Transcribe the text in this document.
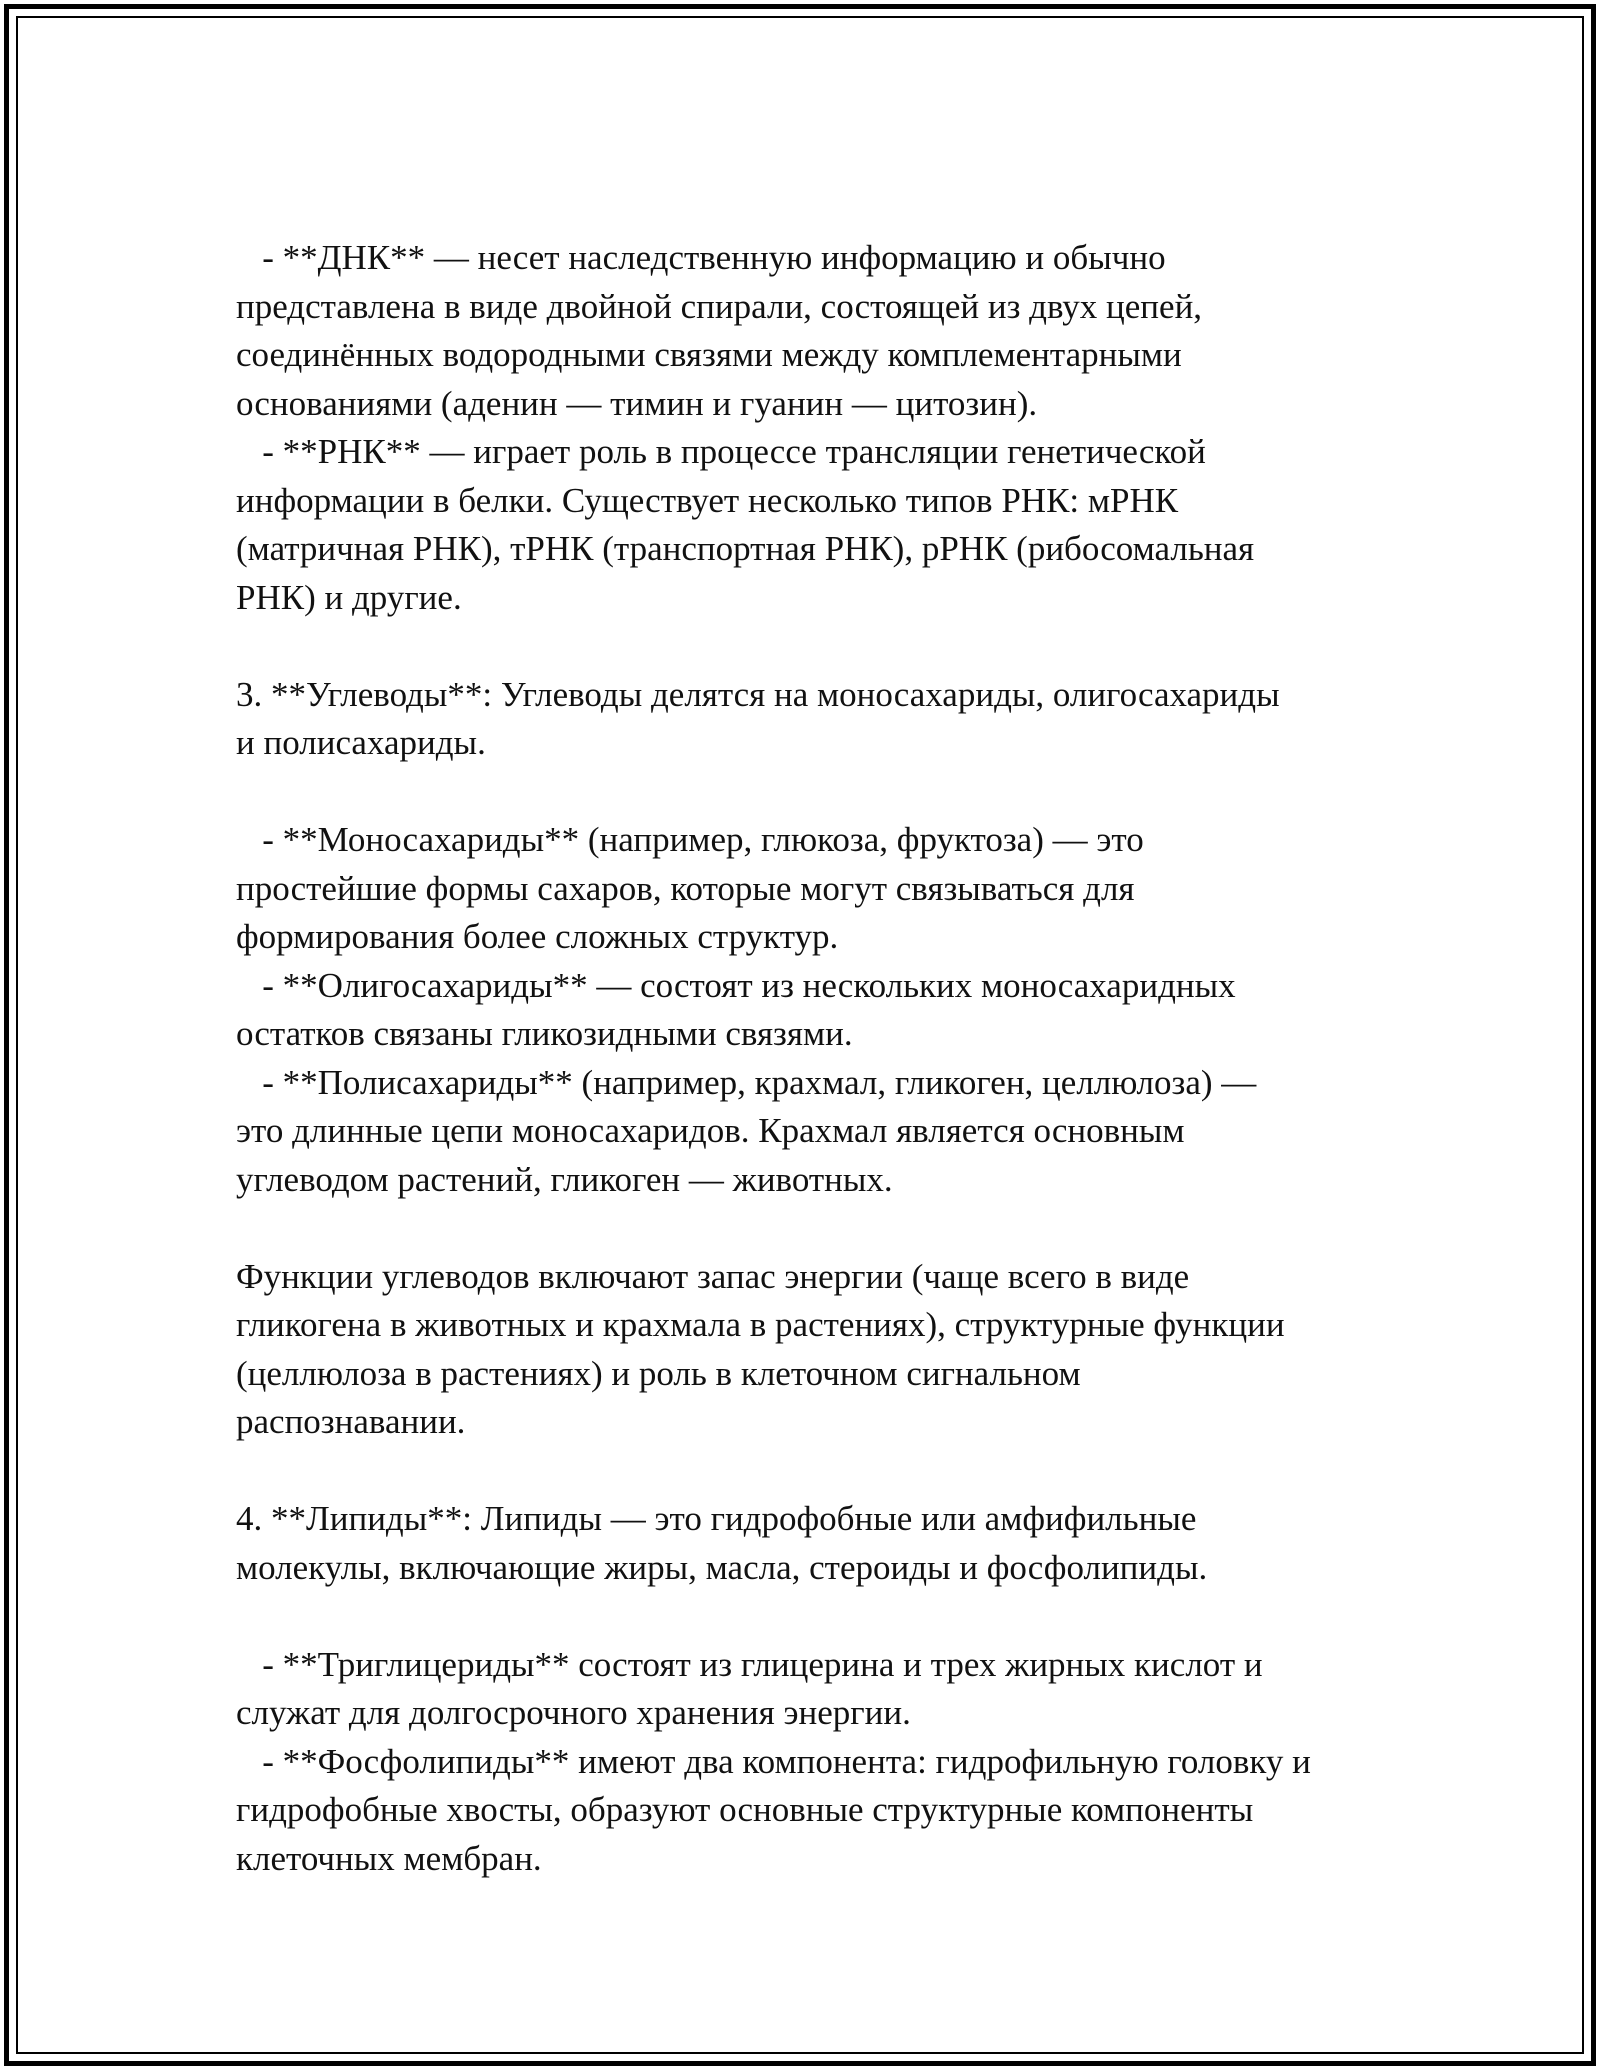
- **ДНК** — несет наследственную информацию и обычно
представлена в виде двойной спирали, состоящей из двух цепей,
соединённых водородными связями между комплементарными
основаниями (аденин — тимин и гуанин — цитозин).

- **РНК** — играет роль в процессе трансляции генетической
информации в белки. Существует несколько типов РНК: мРНК
(матричная РНК), тРНК (транспортная РНК), рРНК (рибосомальная
РНК) и другие.

3. **Углеводы**: Углеводы делятся на моносахариды, олигосахариды
и полисахариды.

- **Моносахариды** (например, глюкоза, фруктоза) — это
простейшие формы сахаров, которые могут связываться для
формирования более сложных структур.

- **Олигосахариды** — состоят из нескольких моносахаридных
остатков связаны гликозидными связями.

- **Полисахариды** (например, крахмал, гликоген, целлюлоза) —
это длинные цепи моносахаридов. Крахмал является основным
углеводом растений, гликоген — животных.

Функции углеводов включают запас энергии (чаще всего в виде
гликогена в животных и крахмала в растениях), структурные функции
(целлюлоза в растениях) и роль в клеточном сигнальном
распознавании.

4. **Липиды**: Липиды — это гидрофобные или амфифильные
молекулы, включающие жиры, масла, стероиды и фосфолипиды.

- **Триглицериды** состоят из глицерина и трех жирных кислот и
служат для долгосрочного хранения энергии.

- **Фосфолипиды** имеют два компонента: гидрофильную головку и
гидрофобные хвосты, образуют основные структурные компоненты
клеточных мембран.
